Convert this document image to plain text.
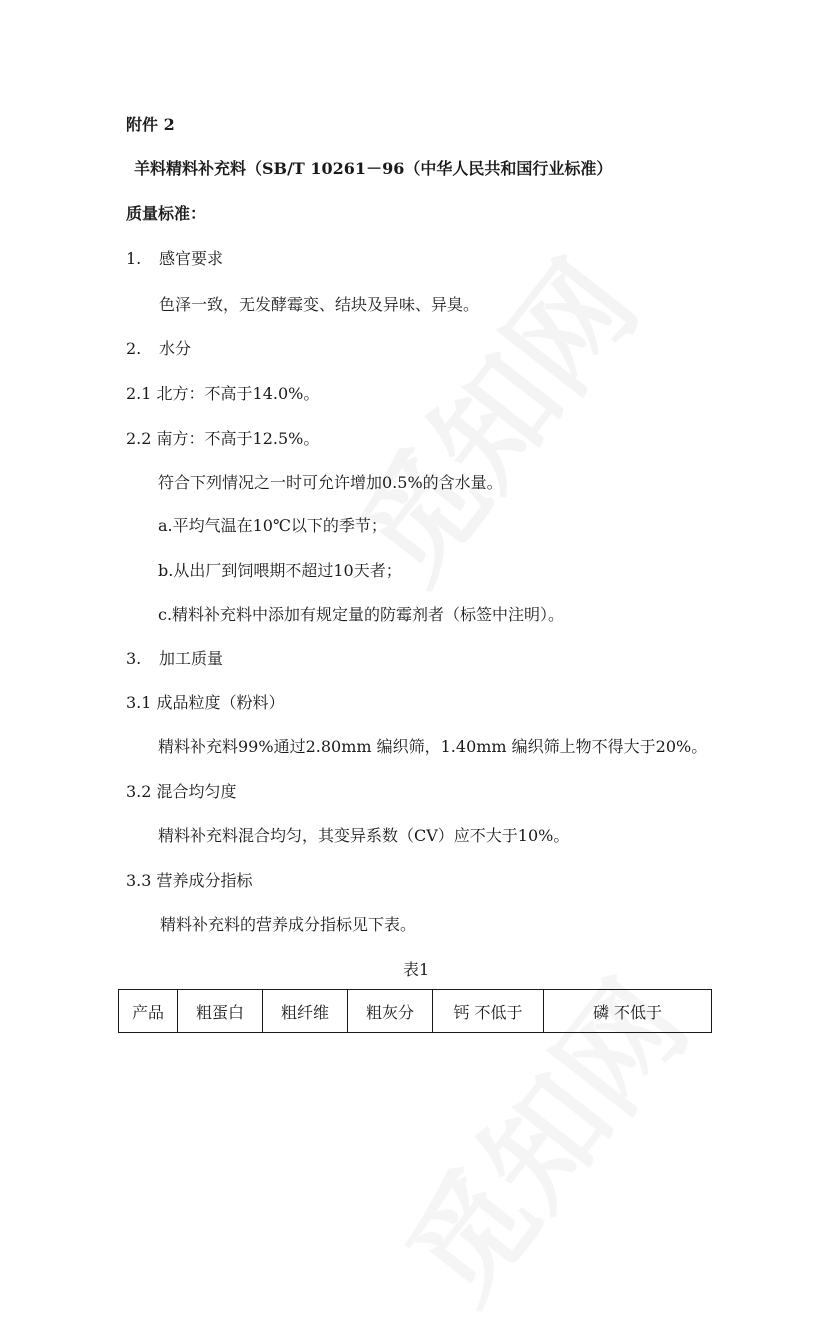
附件 2
羊料精料补充料（SB/T 10261－96（中华人民共和国行业标准）
质量标准：
1. 感官要求
色泽一致，无发酵霉变、结块及异味、异臭。
2. 水分
2.1 北方：不高于14.0%。
2.2 南方：不高于12.5%。
符合下列情况之一时可允许增加0.5%的含水量。
a.平均气温在10℃以下的季节；
b.从出厂到饲喂期不超过10天者；
c.精料补充料中添加有规定量的防霉剂者（标签中注明）。
3. 加工质量
3.1 成品粒度（粉料）
精料补充料99%通过2.80mm 编织筛，1.40mm 编织筛上物不得大于20%。
3.2 混合均匀度
精料补充料混合均匀，其变异系数（CV）应不大于10%。
3.3 营养成分指标
精料补充料的营养成分指标见下表。
表1
产品	粗蛋白	粗纤维	粗灰分	钙 不低于	磷 不低于
